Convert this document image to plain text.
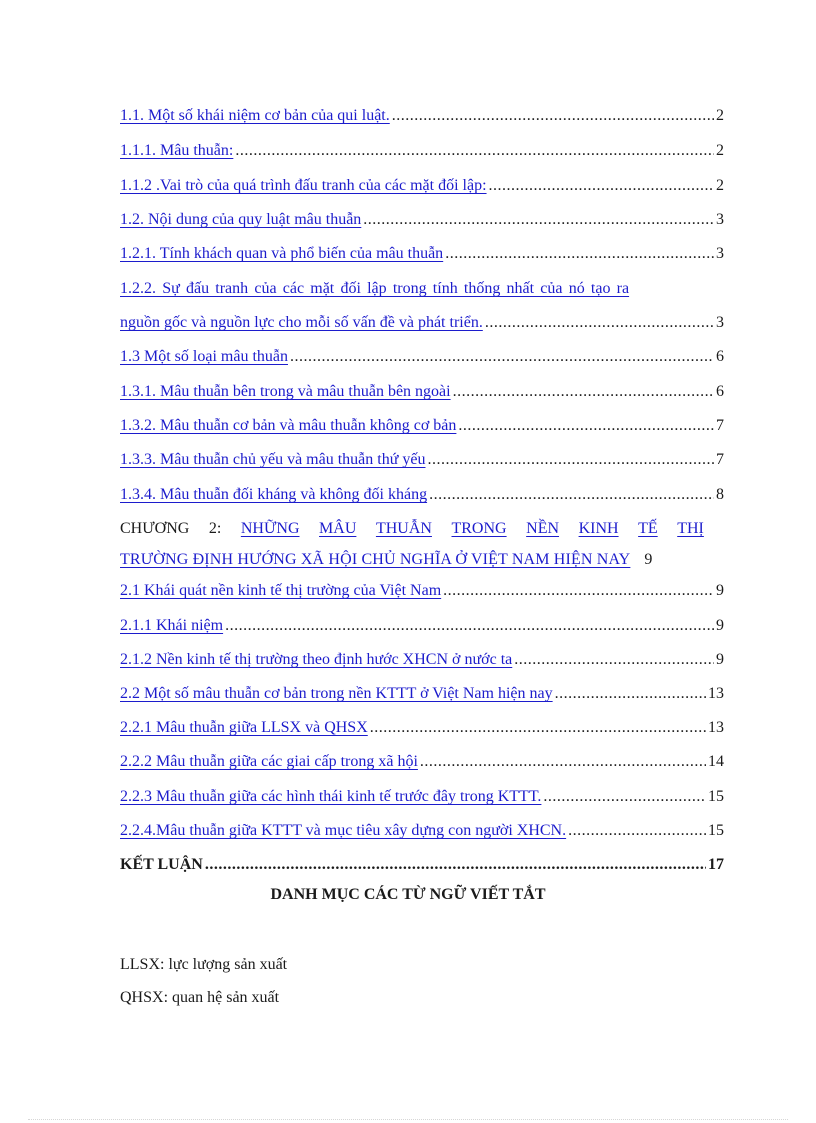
1.1. Một số khái niệm cơ bản của qui luật. .....	2
1.1.1. Mâu thuẫn: .....	2
1.1.2 .Vai trò của quá trình đấu tranh của các mặt đối lập: .....	2
1.2. Nội dung của quy luật mâu thuẫn .....	3
1.2.1. Tính khách quan và phổ biến của mâu thuẫn .....	3
1.2.2. Sự đấu tranh của các mặt đối lập trong tính thống nhất của nó tạo ra
nguồn gốc và nguồn lực cho mỗi số vấn đề và phát triển. .....	3
1.3 Một số loại mâu thuẫn .....	6
1.3.1. Mâu thuẫn bên trong và mâu thuẫn bên ngoài .....	6
1.3.2. Mâu thuẫn cơ bản và mâu thuẫn không cơ bản .....	7
1.3.3. Mâu thuẫn chủ yếu và mâu thuẫn thứ yếu .....	7
1.3.4. Mâu thuẫn đối kháng và không đối kháng .....	8
CHƯƠNG 2: NHỮNG MÂU THUẪN TRONG NỀN KINH TẾ THỊ
TRƯỜNG ĐỊNH HƯỚNG XÃ HỘI CHỦ NGHĨA Ở VIỆT NAM HIỆN NAY 9
2.1 Khái quát nền kinh tế thị trường của Việt Nam .....	9
2.1.1 Khái niệm .....	9
2.1.2 Nền kinh tế thị trường theo định hước XHCN ở nước ta .....	9
2.2 Một số mâu thuẫn cơ bản trong nền KTTT ở Việt Nam hiện nay .....	13
2.2.1 Mâu thuẫn giữa LLSX và QHSX .....	13
2.2.2 Mâu thuẫn giữa các giai cấp trong xã hội .....	14
2.2.3 Mâu thuẫn giữa các hình thái kinh tế trước đây trong KTTT. .....	15
2.2.4.Mâu thuẫn giữa KTTT và mục tiêu xây dựng con người XHCN. .....	15
KẾT LUẬN .....	17
DANH MỤC CÁC TỪ NGỮ VIẾT TẮT
LLSX: lực lượng sản xuất
QHSX: quan hệ sản xuất
